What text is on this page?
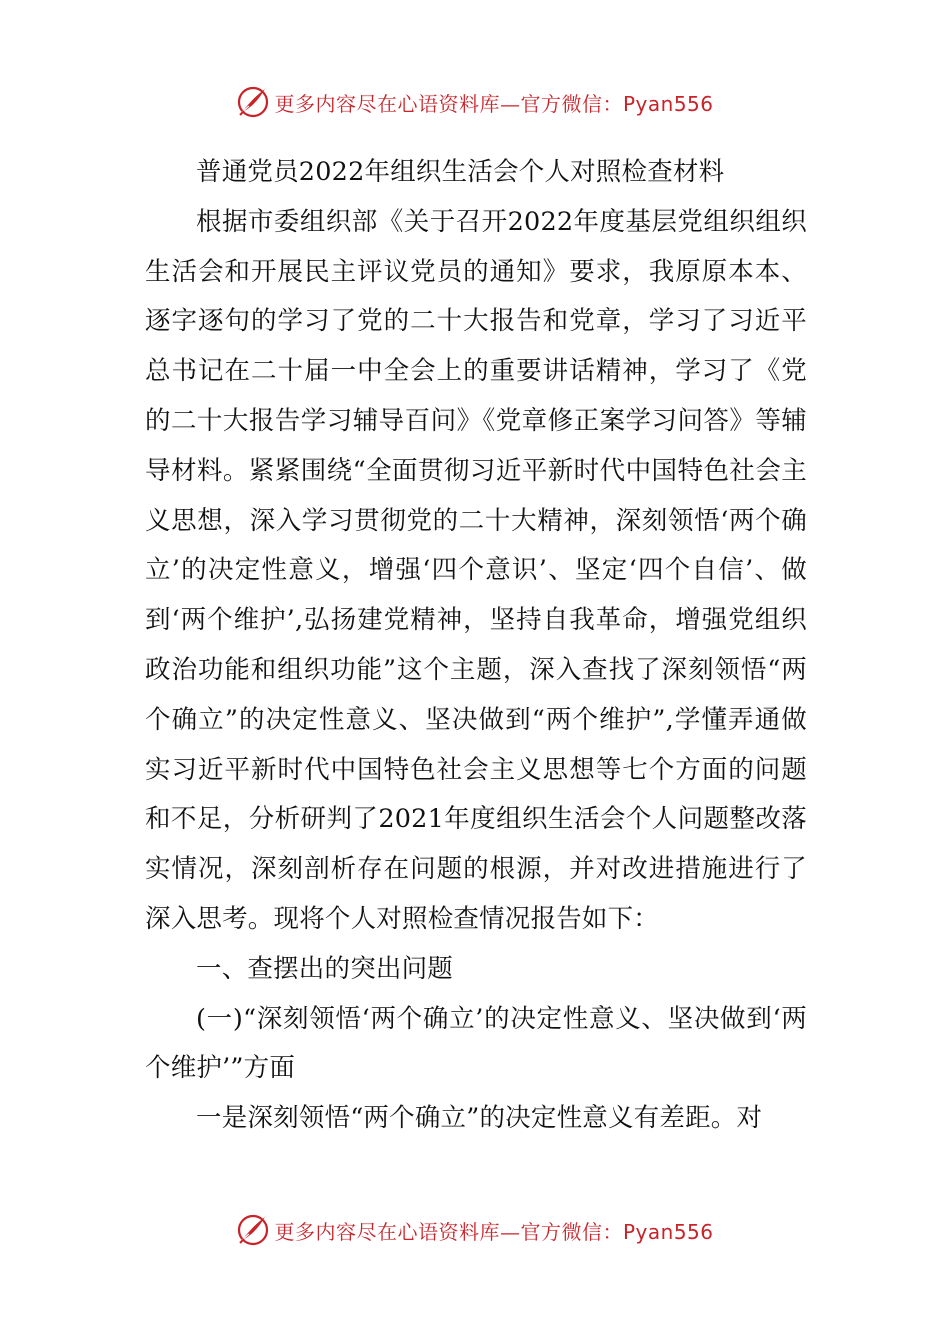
更多内容尽在心语资料库—官方微信：Pyan556

普通党员2022年组织生活会个人对照检查材料

根据市委组织部《关于召开2022年度基层党组织组织生活会和开展民主评议党员的通知》要求，我原原本本、逐字逐句的学习了党的二十大报告和党章，学习了习近平总书记在二十届一中全会上的重要讲话精神，学习了《党的二十大报告学习辅导百问》《党章修正案学习问答》等辅导材料。紧紧围绕“全面贯彻习近平新时代中国特色社会主义思想，深入学习贯彻党的二十大精神，深刻领悟‘两个确立’的决定性意义，增强‘四个意识’、坚定‘四个自信’、做到‘两个维护’,弘扬建党精神，坚持自我革命，增强党组织政治功能和组织功能”这个主题，深入查找了深刻领悟“两个确立”的决定性意义、坚决做到“两个维护”,学懂弄通做实习近平新时代中国特色社会主义思想等七个方面的问题和不足，分析研判了2021年度组织生活会个人问题整改落实情况，深刻剖析存在问题的根源，并对改进措施进行了深入思考。现将个人对照检查情况报告如下：

一、查摆出的突出问题

(一)“深刻领悟‘两个确立’的决定性意义、坚决做到‘两个维护’”方面

一是深刻领悟“两个确立”的决定性意义有差距。对

更多内容尽在心语资料库—官方微信：Pyan556
